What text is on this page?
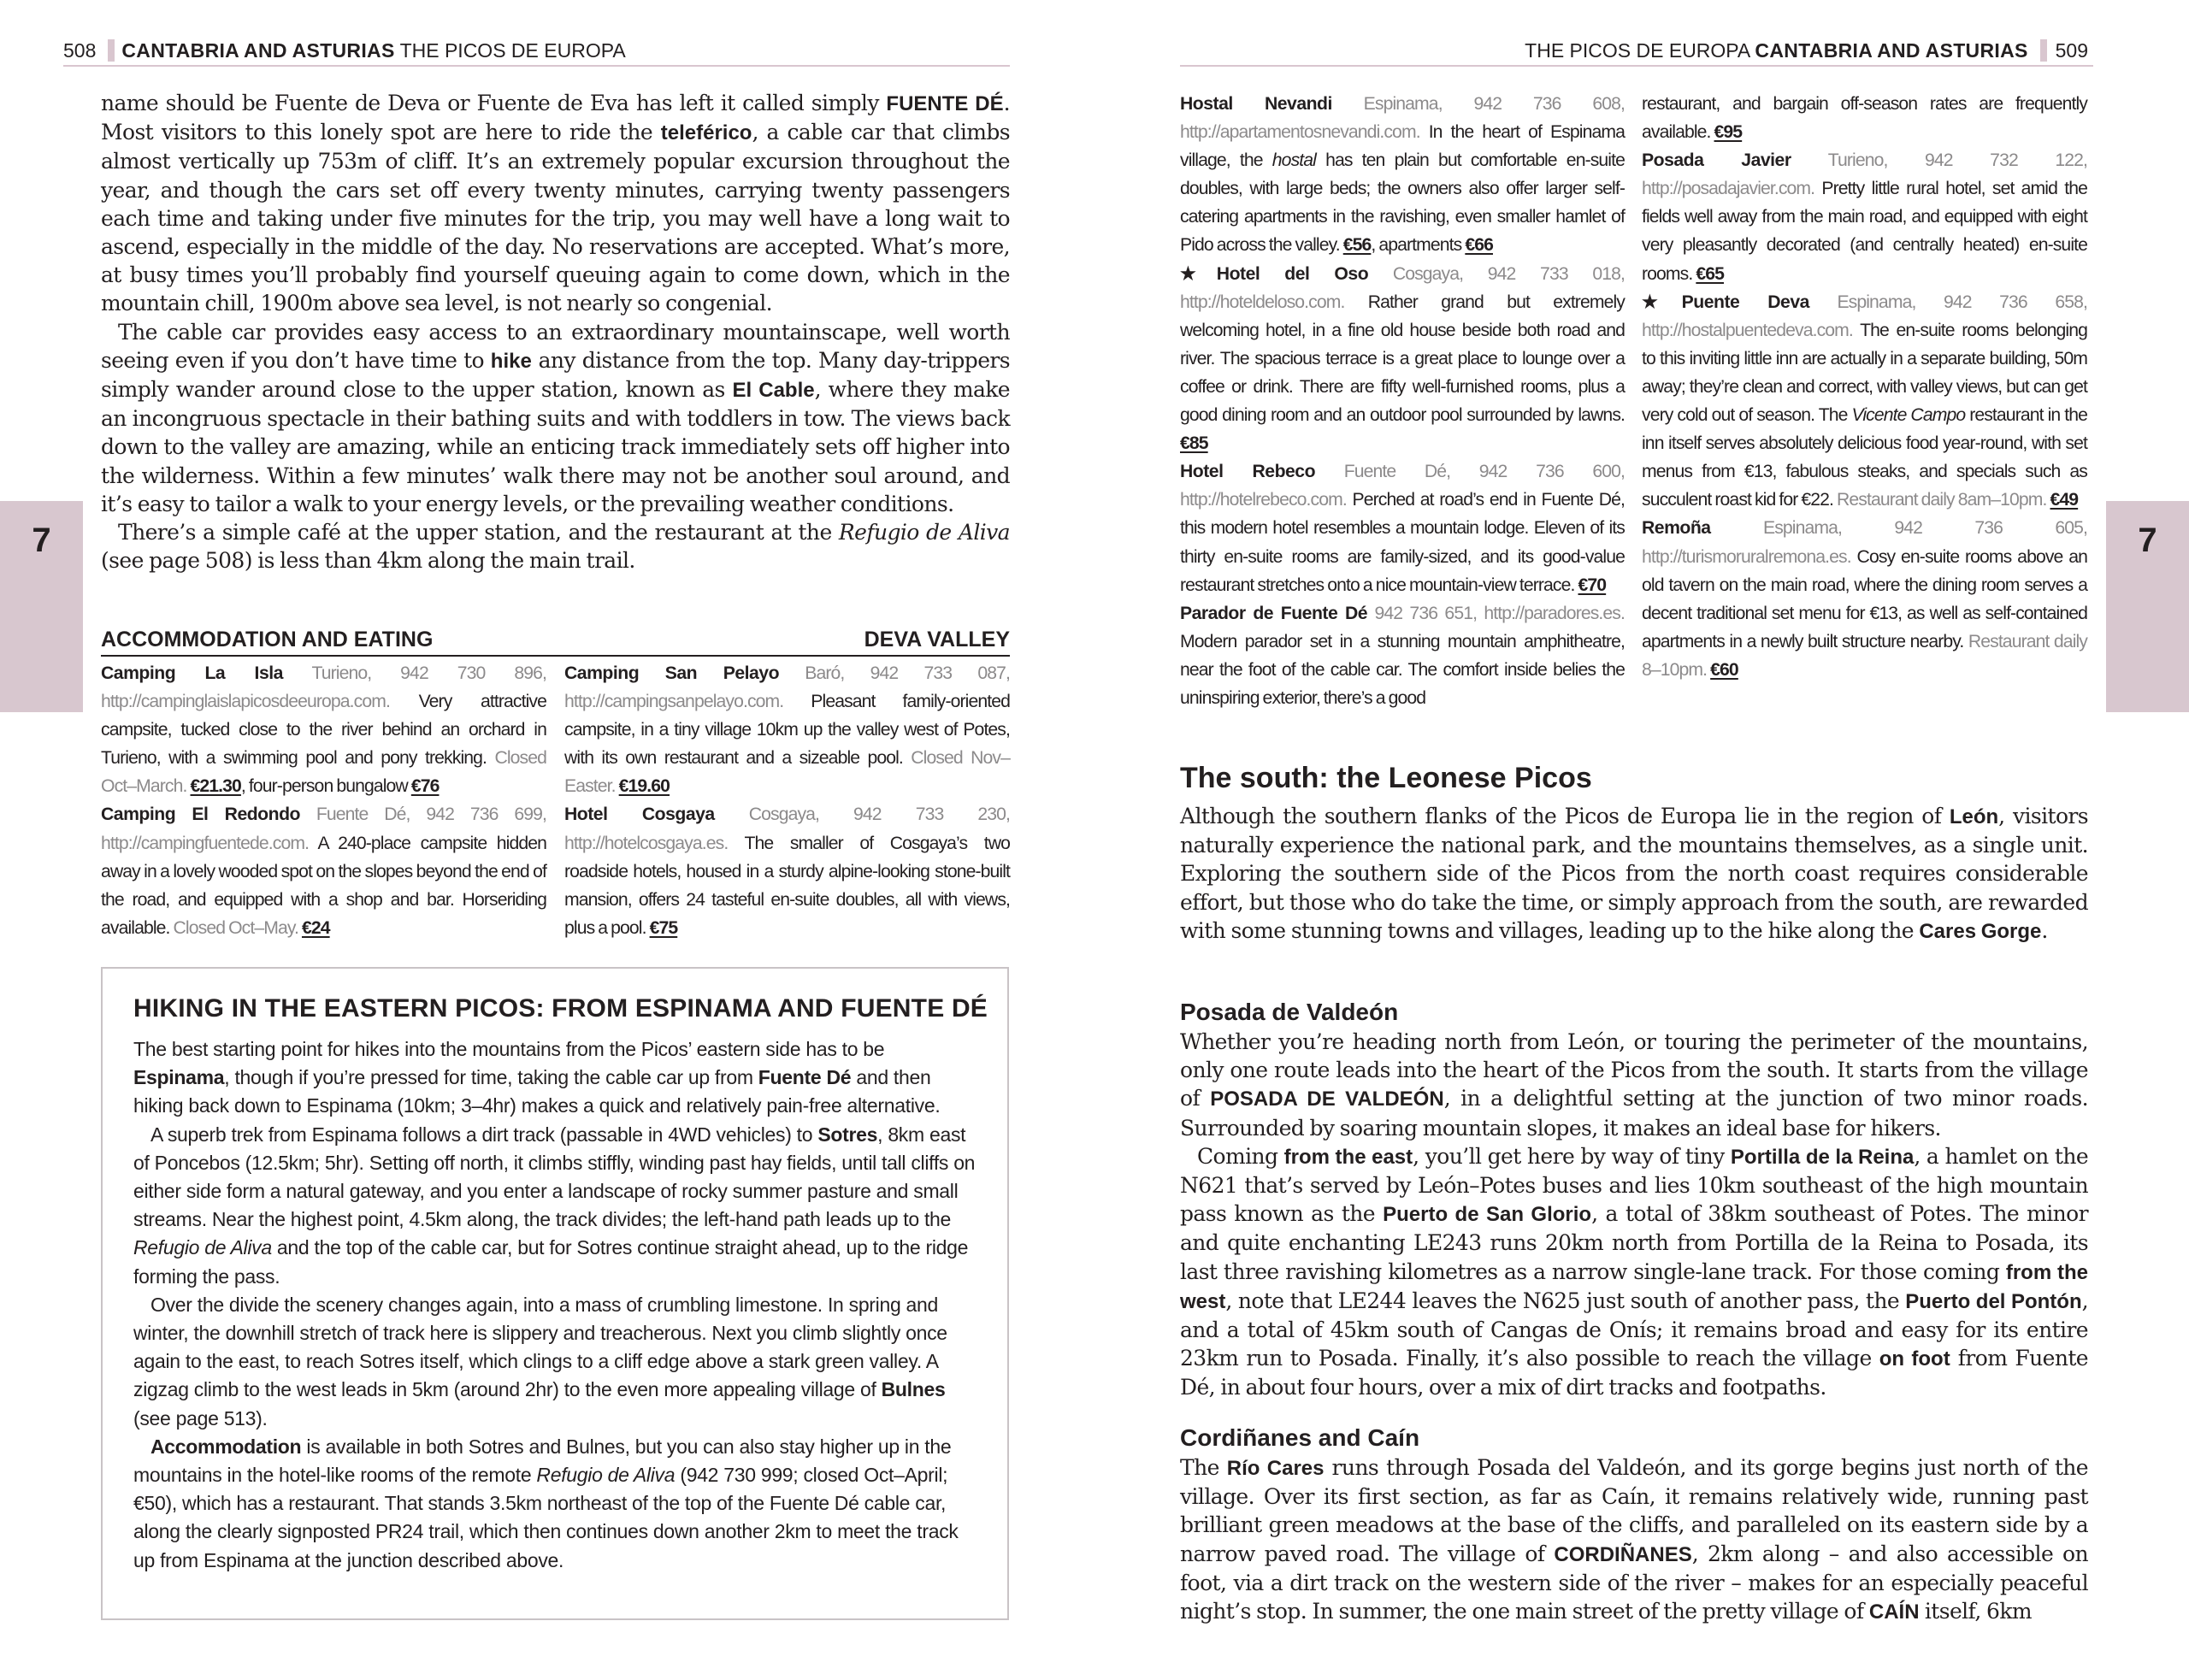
508 CANTABRIA AND ASTURIAS THE PICOS DE EUROPA	THE PICOS DE EUROPA CANTABRIA AND ASTURIAS 509
7	7

name should be Fuente de Deva or Fuente de Eva has left it called simply FUENTE DÉ. Most visitors to this lonely spot are here to ride the teleférico, a cable car that climbs almost vertically up 753m of cliff. It’s an extremely popular excursion throughout the year, and though the cars set off every twenty minutes, carrying twenty passengers each time and taking under five minutes for the trip, you may well have a long wait to ascend, especially in the middle of the day. No reservations are accepted. What’s more, at busy times you’ll probably find yourself queuing again to come down, which in the mountain chill, 1900m above sea level, is not nearly so congenial.

The cable car provides easy access to an extraordinary mountainscape, well worth seeing even if you don’t have time to hike any distance from the top. Many day-trippers simply wander around close to the upper station, known as El Cable, where they make an incongruous spectacle in their bathing suits and with toddlers in tow. The views back down to the valley are amazing, while an enticing track immediately sets off higher into the wilderness. Within a few minutes’ walk there may not be another soul around, and it’s easy to tailor a walk to your energy levels, or the prevailing weather conditions.

There’s a simple café at the upper station, and the restaurant at the Refugio de Aliva (see page 508) is less than 4km along the main trail.

ACCOMMODATION AND EATING	DEVA VALLEY

Camping La Isla Turieno, 942 730 896, http://campinglaislapicosdeeuropa.com. Very attractive campsite, tucked close to the river behind an orchard in Turieno, with a swimming pool and pony trekking. Closed Oct–March. €21.30, four-person bungalow €76

Camping El Redondo Fuente Dé, 942 736 699, http://campingfuentede.com. A 240-place campsite hidden away in a lovely wooded spot on the slopes beyond the end of the road, and equipped with a shop and bar. Horseriding available. Closed Oct–May. €24

Camping San Pelayo Baró, 942 733 087, http://campingsanpelayo.com. Pleasant family-oriented campsite, in a tiny village 10km up the valley west of Potes, with its own restaurant and a sizeable pool. Closed Nov–Easter. €19.60

Hotel Cosgaya Cosgaya, 942 733 230, http://hotelcosgaya.es. The smaller of Cosgaya’s two roadside hotels, housed in a sturdy alpine-looking stone-built mansion, offers 24 tasteful en-suite doubles, all with views, plus a pool. €75

HIKING IN THE EASTERN PICOS: FROM ESPINAMA AND FUENTE DÉ

The best starting point for hikes into the mountains from the Picos’ eastern side has to be Espinama, though if you’re pressed for time, taking the cable car up from Fuente Dé and then hiking back down to Espinama (10km; 3–4hr) makes a quick and relatively pain-free alternative.

A superb trek from Espinama follows a dirt track (passable in 4WD vehicles) to Sotres, 8km east of Poncebos (12.5km; 5hr). Setting off north, it climbs stiffly, winding past hay fields, until tall cliffs on either side form a natural gateway, and you enter a landscape of rocky summer pasture and small streams. Near the highest point, 4.5km along, the track divides; the left-hand path leads up to the Refugio de Aliva and the top of the cable car, but for Sotres continue straight ahead, up to the ridge forming the pass.

Over the divide the scenery changes again, into a mass of crumbling limestone. In spring and winter, the downhill stretch of track here is slippery and treacherous. Next you climb slightly once again to the east, to reach Sotres itself, which clings to a cliff edge above a stark green valley. A zigzag climb to the west leads in 5km (around 2hr) to the even more appealing village of Bulnes (see page 513).

Accommodation is available in both Sotres and Bulnes, but you can also stay higher up in the mountains in the hotel-like rooms of the remote Refugio de Aliva (942 730 999; closed Oct–April; €50), which has a restaurant. That stands 3.5km northeast of the top of the Fuente Dé cable car, along the clearly signposted PR24 trail, which then continues down another 2km to meet the track up from Espinama at the junction described above.

Hostal Nevandi Espinama, 942 736 608, http://apartamentosnevandi.com. In the heart of Espinama village, the hostal has ten plain but comfortable en-suite doubles, with large beds; the owners also offer larger self-catering apartments in the ravishing, even smaller hamlet of Pido across the valley. €56, apartments €66

★Hotel del Oso Cosgaya, 942 733 018, http://hoteldeloso.com. Rather grand but extremely welcoming hotel, in a fine old house beside both road and river. The spacious terrace is a great place to lounge over a coffee or drink. There are fifty well-furnished rooms, plus a good dining room and an outdoor pool surrounded by lawns. €85

Hotel Rebeco Fuente Dé, 942 736 600, http://hotelrebeco.com. Perched at road’s end in Fuente Dé, this modern hotel resembles a mountain lodge. Eleven of its thirty en-suite rooms are family-sized, and its good-value restaurant stretches onto a nice mountain-view terrace. €70

Parador de Fuente Dé 942 736 651, http://paradores.es. Modern parador set in a stunning mountain amphitheatre, near the foot of the cable car. The comfort inside belies the uninspiring exterior, there’s a good

restaurant, and bargain off-season rates are frequently available. €95

Posada Javier Turieno, 942 732 122, http://posadajavier.com. Pretty little rural hotel, set amid the fields well away from the main road, and equipped with eight very pleasantly decorated (and centrally heated) en-suite rooms. €65

★Puente Deva Espinama, 942 736 658, http://hostalpuentedeva.com. The en-suite rooms belonging to this inviting little inn are actually in a separate building, 50m away; they’re clean and correct, with valley views, but can get very cold out of season. The Vicente Campo restaurant in the inn itself serves absolutely delicious food year-round, with set menus from €13, fabulous steaks, and specials such as succulent roast kid for €22. Restaurant daily 8am–10pm. €49

Remoña	Espinama, 942 736 605, http://turismoruralremona.es. Cosy en-suite rooms above an old tavern on the main road, where the dining room serves a decent traditional set menu for €13, as well as self-contained apartments in a newly built structure nearby. Restaurant daily 8–10pm. €60

The south: the Leonese Picos

Although the southern flanks of the Picos de Europa lie in the region of León, visitors naturally experience the national park, and the mountains themselves, as a single unit. Exploring the southern side of the Picos from the north coast requires considerable effort, but those who do take the time, or simply approach from the south, are rewarded with some stunning towns and villages, leading up to the hike along the Cares Gorge.

Posada de Valdeón

Whether you’re heading north from León, or touring the perimeter of the mountains, only one route leads into the heart of the Picos from the south. It starts from the village of POSADA DE VALDEÓN, in a delightful setting at the junction of two minor roads. Surrounded by soaring mountain slopes, it makes an ideal base for hikers.

Coming from the east, you’ll get here by way of tiny Portilla de la Reina, a hamlet on the N621 that’s served by León–Potes buses and lies 10km southeast of the high mountain pass known as the Puerto de San Glorio, a total of 38km southeast of Potes. The minor and quite enchanting LE243 runs 20km north from Portilla de la Reina to Posada, its last three ravishing kilometres as a narrow single-lane track. For those coming from the west, note that LE244 leaves the N625 just south of another pass, the Puerto del Pontón, and a total of 45km south of Cangas de Onís; it remains broad and easy for its entire 23km run to Posada. Finally, it’s also possible to reach the village on foot from Fuente Dé, in about four hours, over a mix of dirt tracks and footpaths.

Cordiñanes and Caín

The Río Cares runs through Posada del Valdeón, and its gorge begins just north of the village. Over its first section, as far as Caín, it remains relatively wide, running past brilliant green meadows at the base of the cliffs, and paralleled on its eastern side by a narrow paved road. The village of CORDIÑANES, 2km along – and also accessible on foot, via a dirt track on the western side of the river – makes for an especially peaceful night’s stop. In summer, the one main street of the pretty village of CAÍN itself, 6km
